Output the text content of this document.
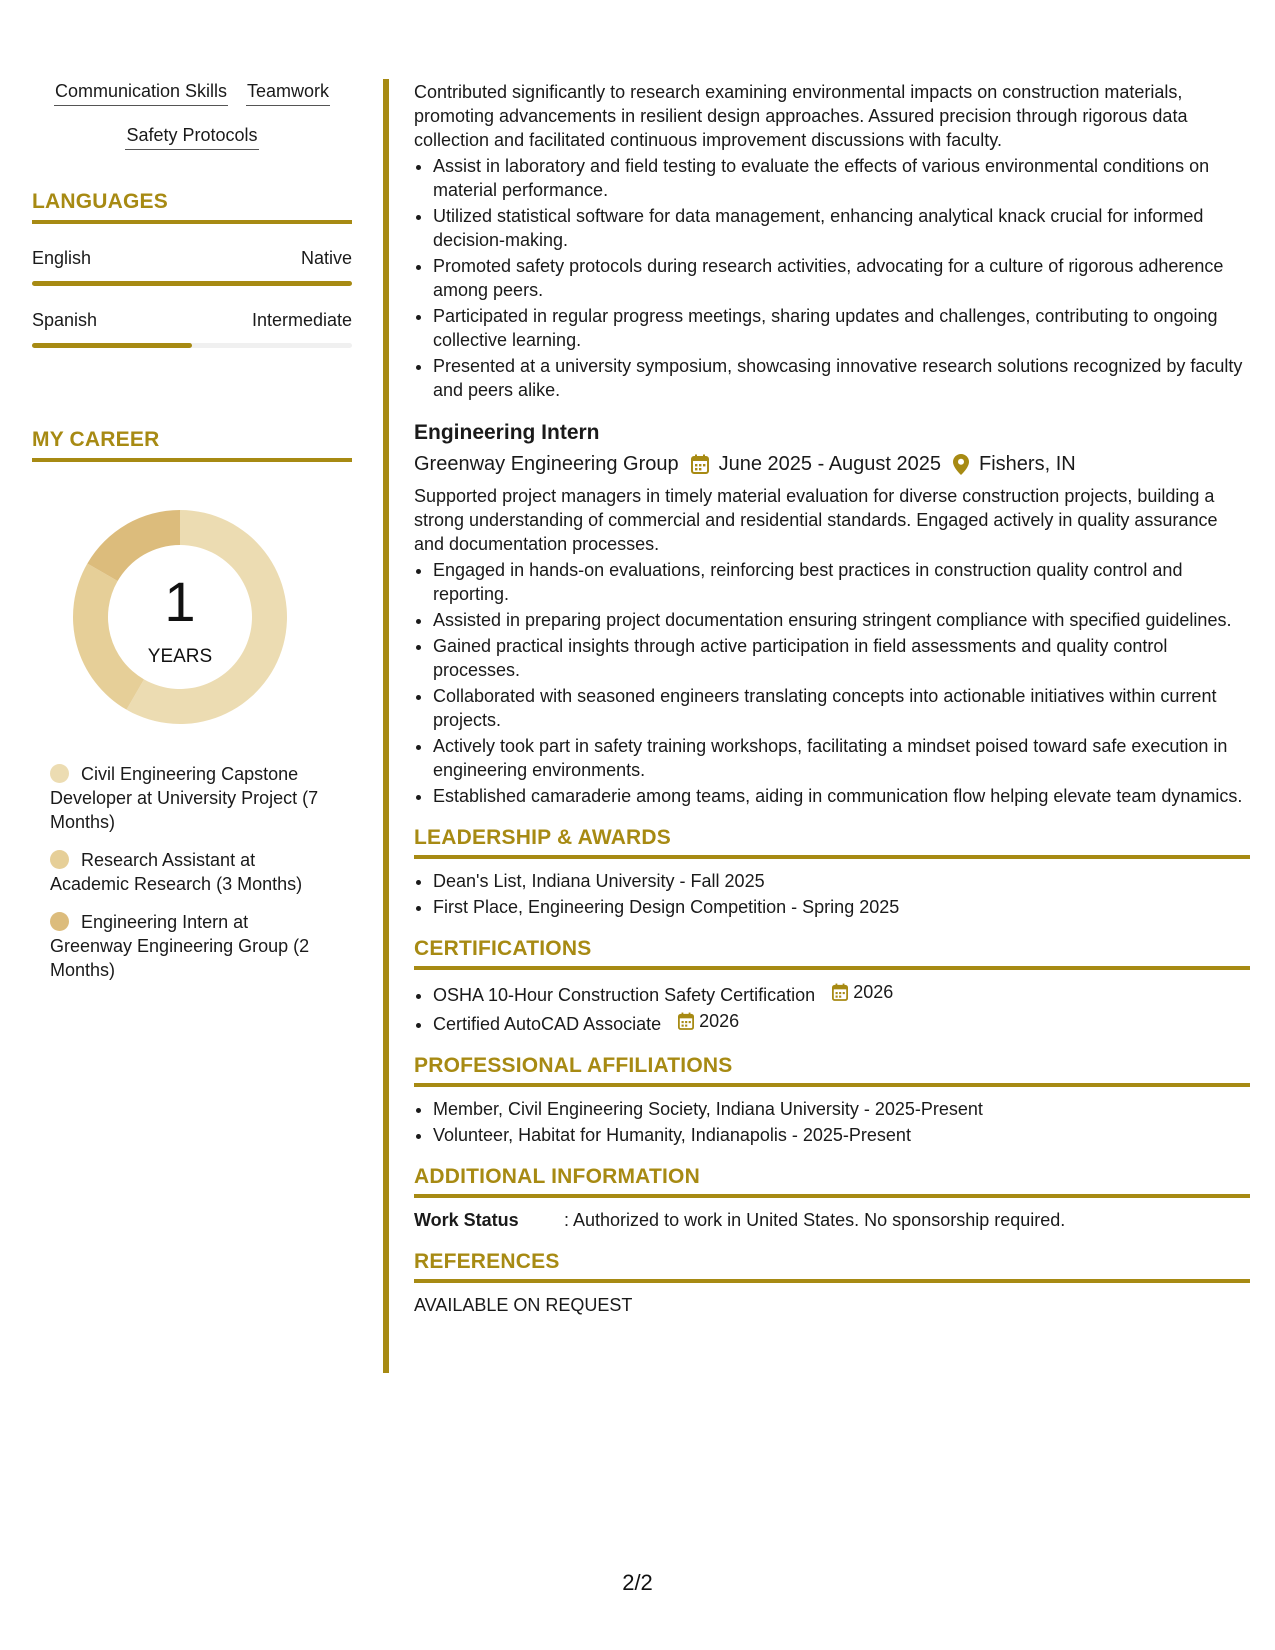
Communication Skills Teamwork
Safety Protocols
LANGUAGES
English	Native
Spanish	Intermediate
MY CAREER
1
YEARS
Civil Engineering Capstone Developer at University Project (7 Months)
Research Assistant at Academic Research (3 Months)
Engineering Intern at Greenway Engineering Group (2 Months)

Contributed significantly to research examining environmental impacts on construction materials, promoting advancements in resilient design approaches. Assured precision through rigorous data collection and facilitated continuous improvement discussions with faculty.

• Assist in laboratory and field testing to evaluate the effects of various environmental conditions on material performance.
• Utilized statistical software for data management, enhancing analytical knack crucial for informed decision-making.
• Promoted safety protocols during research activities, advocating for a culture of rigorous adherence among peers.
• Participated in regular progress meetings, sharing updates and challenges, contributing to ongoing collective learning.
• Presented at a university symposium, showcasing innovative research solutions recognized by faculty and peers alike.
Engineering Intern
Greenway Engineering Group June 2025 - August 2025 Fishers, IN

Supported project managers in timely material evaluation for diverse construction projects, building a strong understanding of commercial and residential standards. Engaged actively in quality assurance and documentation processes.

• Engaged in hands-on evaluations, reinforcing best practices in construction quality control and reporting.
• Assisted in preparing project documentation ensuring stringent compliance with specified guidelines.
• Gained practical insights through active participation in field assessments and quality control processes.
• Collaborated with seasoned engineers translating concepts into actionable initiatives within current projects.
• Actively took part in safety training workshops, facilitating a mindset poised toward safe execution in engineering environments.
• Established camaraderie among teams, aiding in communication flow helping elevate team dynamics.
LEADERSHIP & AWARDS
• Dean's List, Indiana University - Fall 2025
• First Place, Engineering Design Competition - Spring 2025
CERTIFICATIONS
• OSHA 10-Hour Construction Safety Certification 2026
• Certified AutoCAD Associate 2026
PROFESSIONAL AFFILIATIONS
• Member, Civil Engineering Society, Indiana University - 2025-Present
• Volunteer, Habitat for Humanity, Indianapolis - 2025-Present
ADDITIONAL INFORMATION
Work Status	: Authorized to work in United States. No sponsorship required.
REFERENCES
AVAILABLE ON REQUEST
2/2
